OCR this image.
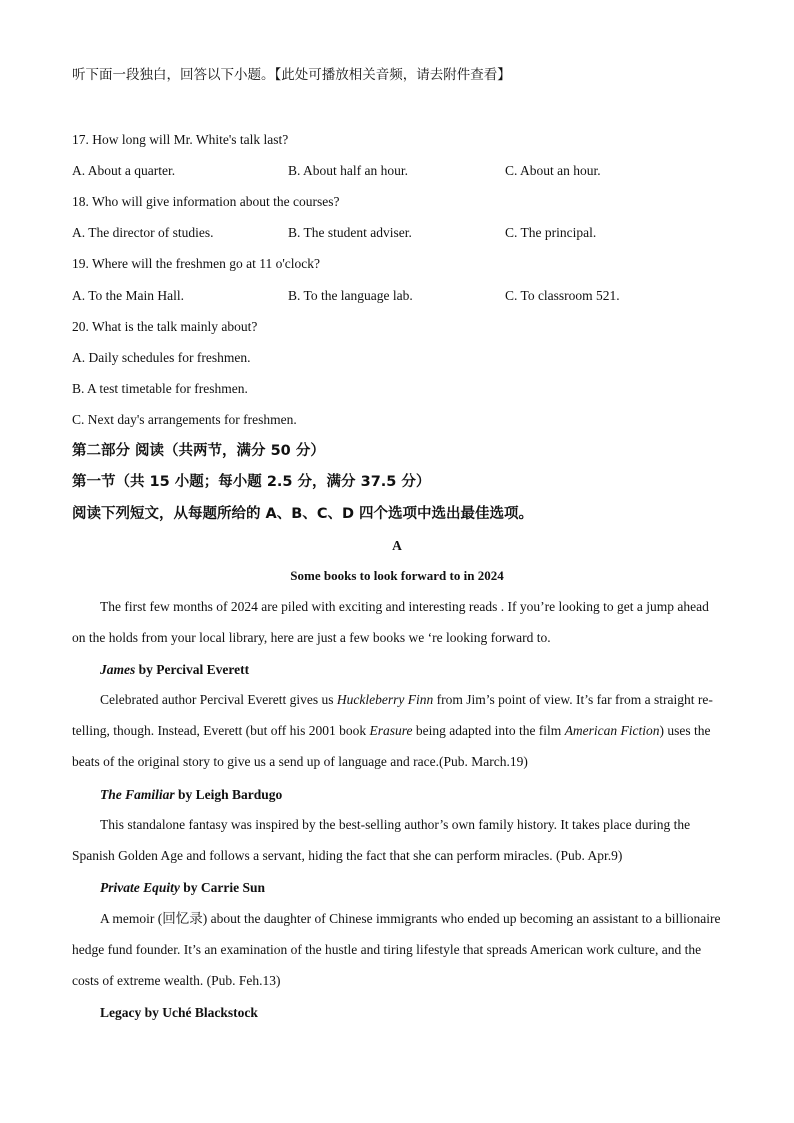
听下面一段独白，回答以下小题。【此处可播放相关音频，请去附件查看】
17. How long will Mr. White's talk last?
A. About a quarter.	B. About half an hour.	C. About an hour.
18. Who will give information about the courses?
A. The director of studies.	B. The student adviser.	C. The principal.
19. Where will the freshmen go at 11 o'clock?
A. To the Main Hall.	B. To the language lab.	C. To classroom 521.
20. What is the talk mainly about?
A. Daily schedules for freshmen.
B. A test timetable for freshmen.
C. Next day's arrangements for freshmen.
第二部分 阅读（共两节，满分 50 分）
第一节（共 15 小题；每小题 2.5 分，满分 37.5 分）
阅读下列短文，从每题所给的 A、B、C、D 四个选项中选出最佳选项。
A
Some books to look forward to in 2024
The first few months of 2024 are piled with exciting and interesting reads . If you’re looking to get a jump ahead on the holds from your local library, here are just a few books we ‘re looking forward to.
James by Percival Everett
Celebrated author Percival Everett gives us Huckleberry Finn from Jim’s point of view. It’s far from a straight re-telling, though. Instead, Everett (but off his 2001 book Erasure being adapted into the film American Fiction) uses the beats of the original story to give us a send up of language and race.(Pub. March.19)
The Familiar by Leigh Bardugo
This standalone fantasy was inspired by the best-selling author’s own family history. It takes place during the Spanish Golden Age and follows a servant, hiding the fact that she can perform miracles. (Pub. Apr.9)
Private Equity by Carrie Sun
A memoir (回忆录) about the daughter of Chinese immigrants who ended up becoming an assistant to a billionaire hedge fund founder. It’s an examination of the hustle and tiring lifestyle that spreads American work culture, and the costs of extreme wealth. (Pub. Feh.13)
Legacy by Uché Blackstock
